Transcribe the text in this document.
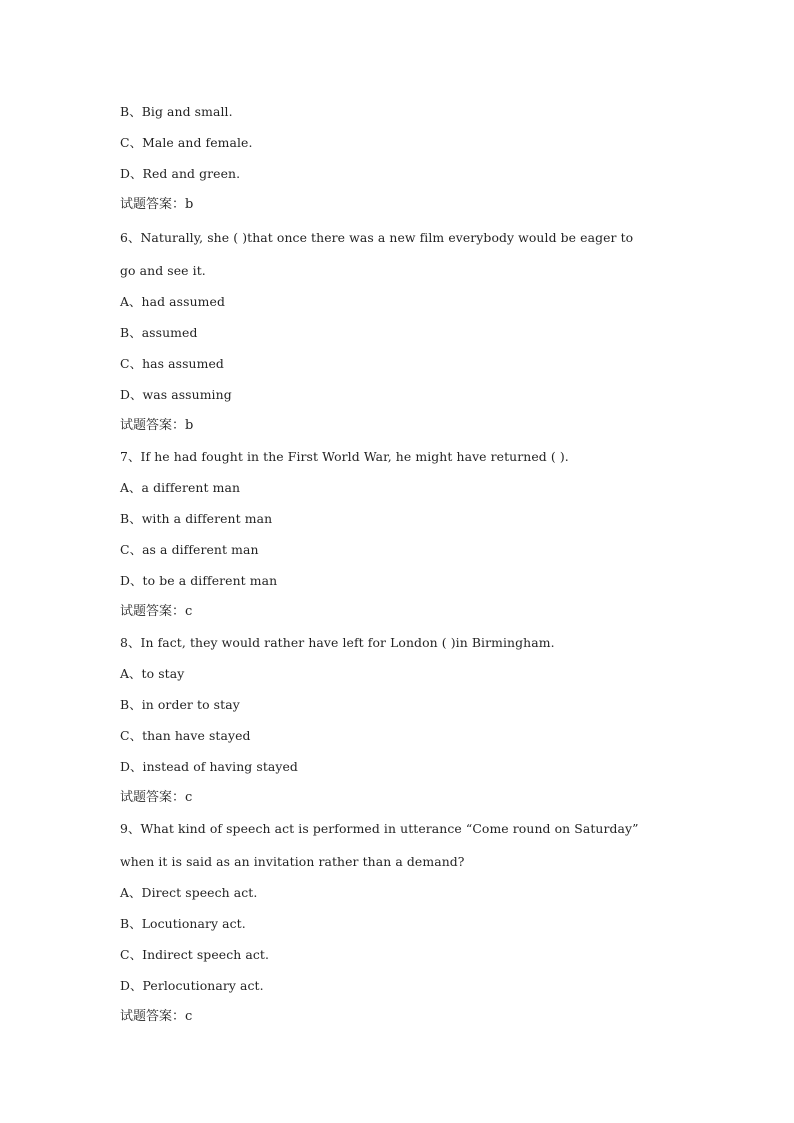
B、Big and small.

C、Male and female.

D、Red and green.

试题答案：b

6、Naturally, she ( )that once there was a new film everybody would be eager to

go and see it.

A、had assumed

B、assumed

C、has assumed

D、was assuming

试题答案：b

7、If he had fought in the First World War, he might have returned ( ).

A、a different man

B、with a different man

C、as a different man

D、to be a different man

试题答案：c

8、In fact, they would rather have left for London ( )in Birmingham.

A、to stay

B、in order to stay

C、than have stayed

D、instead of having stayed

试题答案：c

9、What kind of speech act is performed in utterance “Come round on Saturday”

when it is said as an invitation rather than a demand?

A、Direct speech act.

B、Locutionary act.

C、Indirect speech act.

D、Perlocutionary act.

试题答案：c
